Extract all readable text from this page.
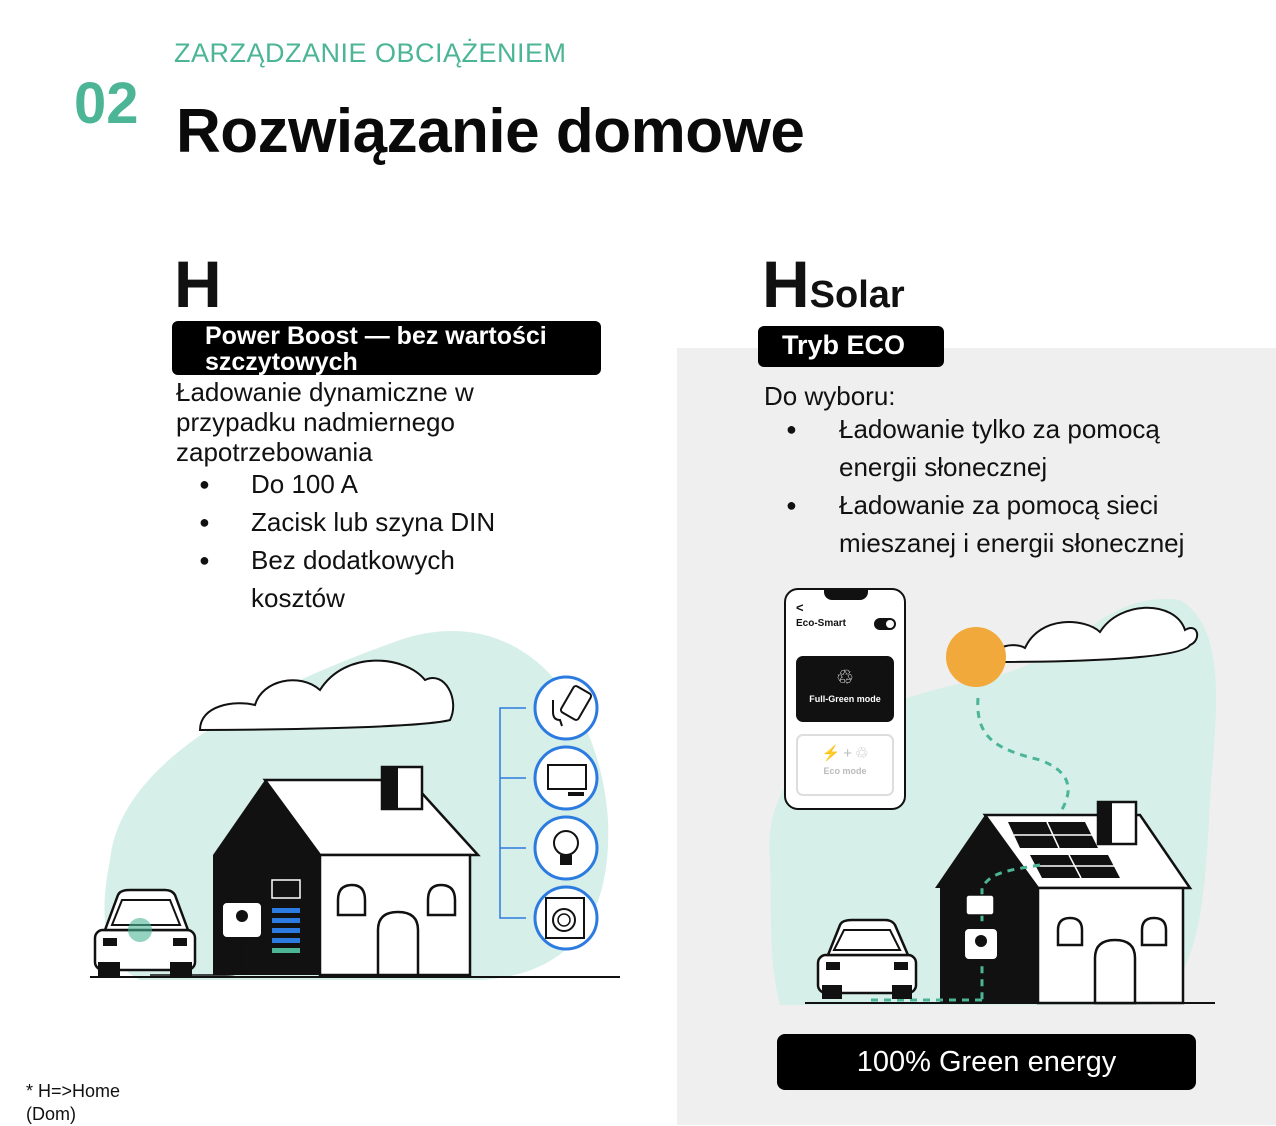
ZARZĄDZANIE OBCIĄŻENIEM
02 Rozwiązanie domowe
H
Power Boost — bez wartości szczytowych
Ładowanie dynamiczne w przypadku nadmiernego zapotrzebowania
● Do 100 A
● Zacisk lub szyna DIN
● Bez dodatkowych kosztów
HSolar
Tryb ECO
Do wyboru:
● Ładowanie tylko za pomocą energii słonecznej
● Ładowanie za pomocą sieci mieszanej i energii słonecznej
<
Eco-Smart
♲
Full-Green mode
⚡ + ♲
Eco mode
100% Green energy
* H=>Home (Dom)
